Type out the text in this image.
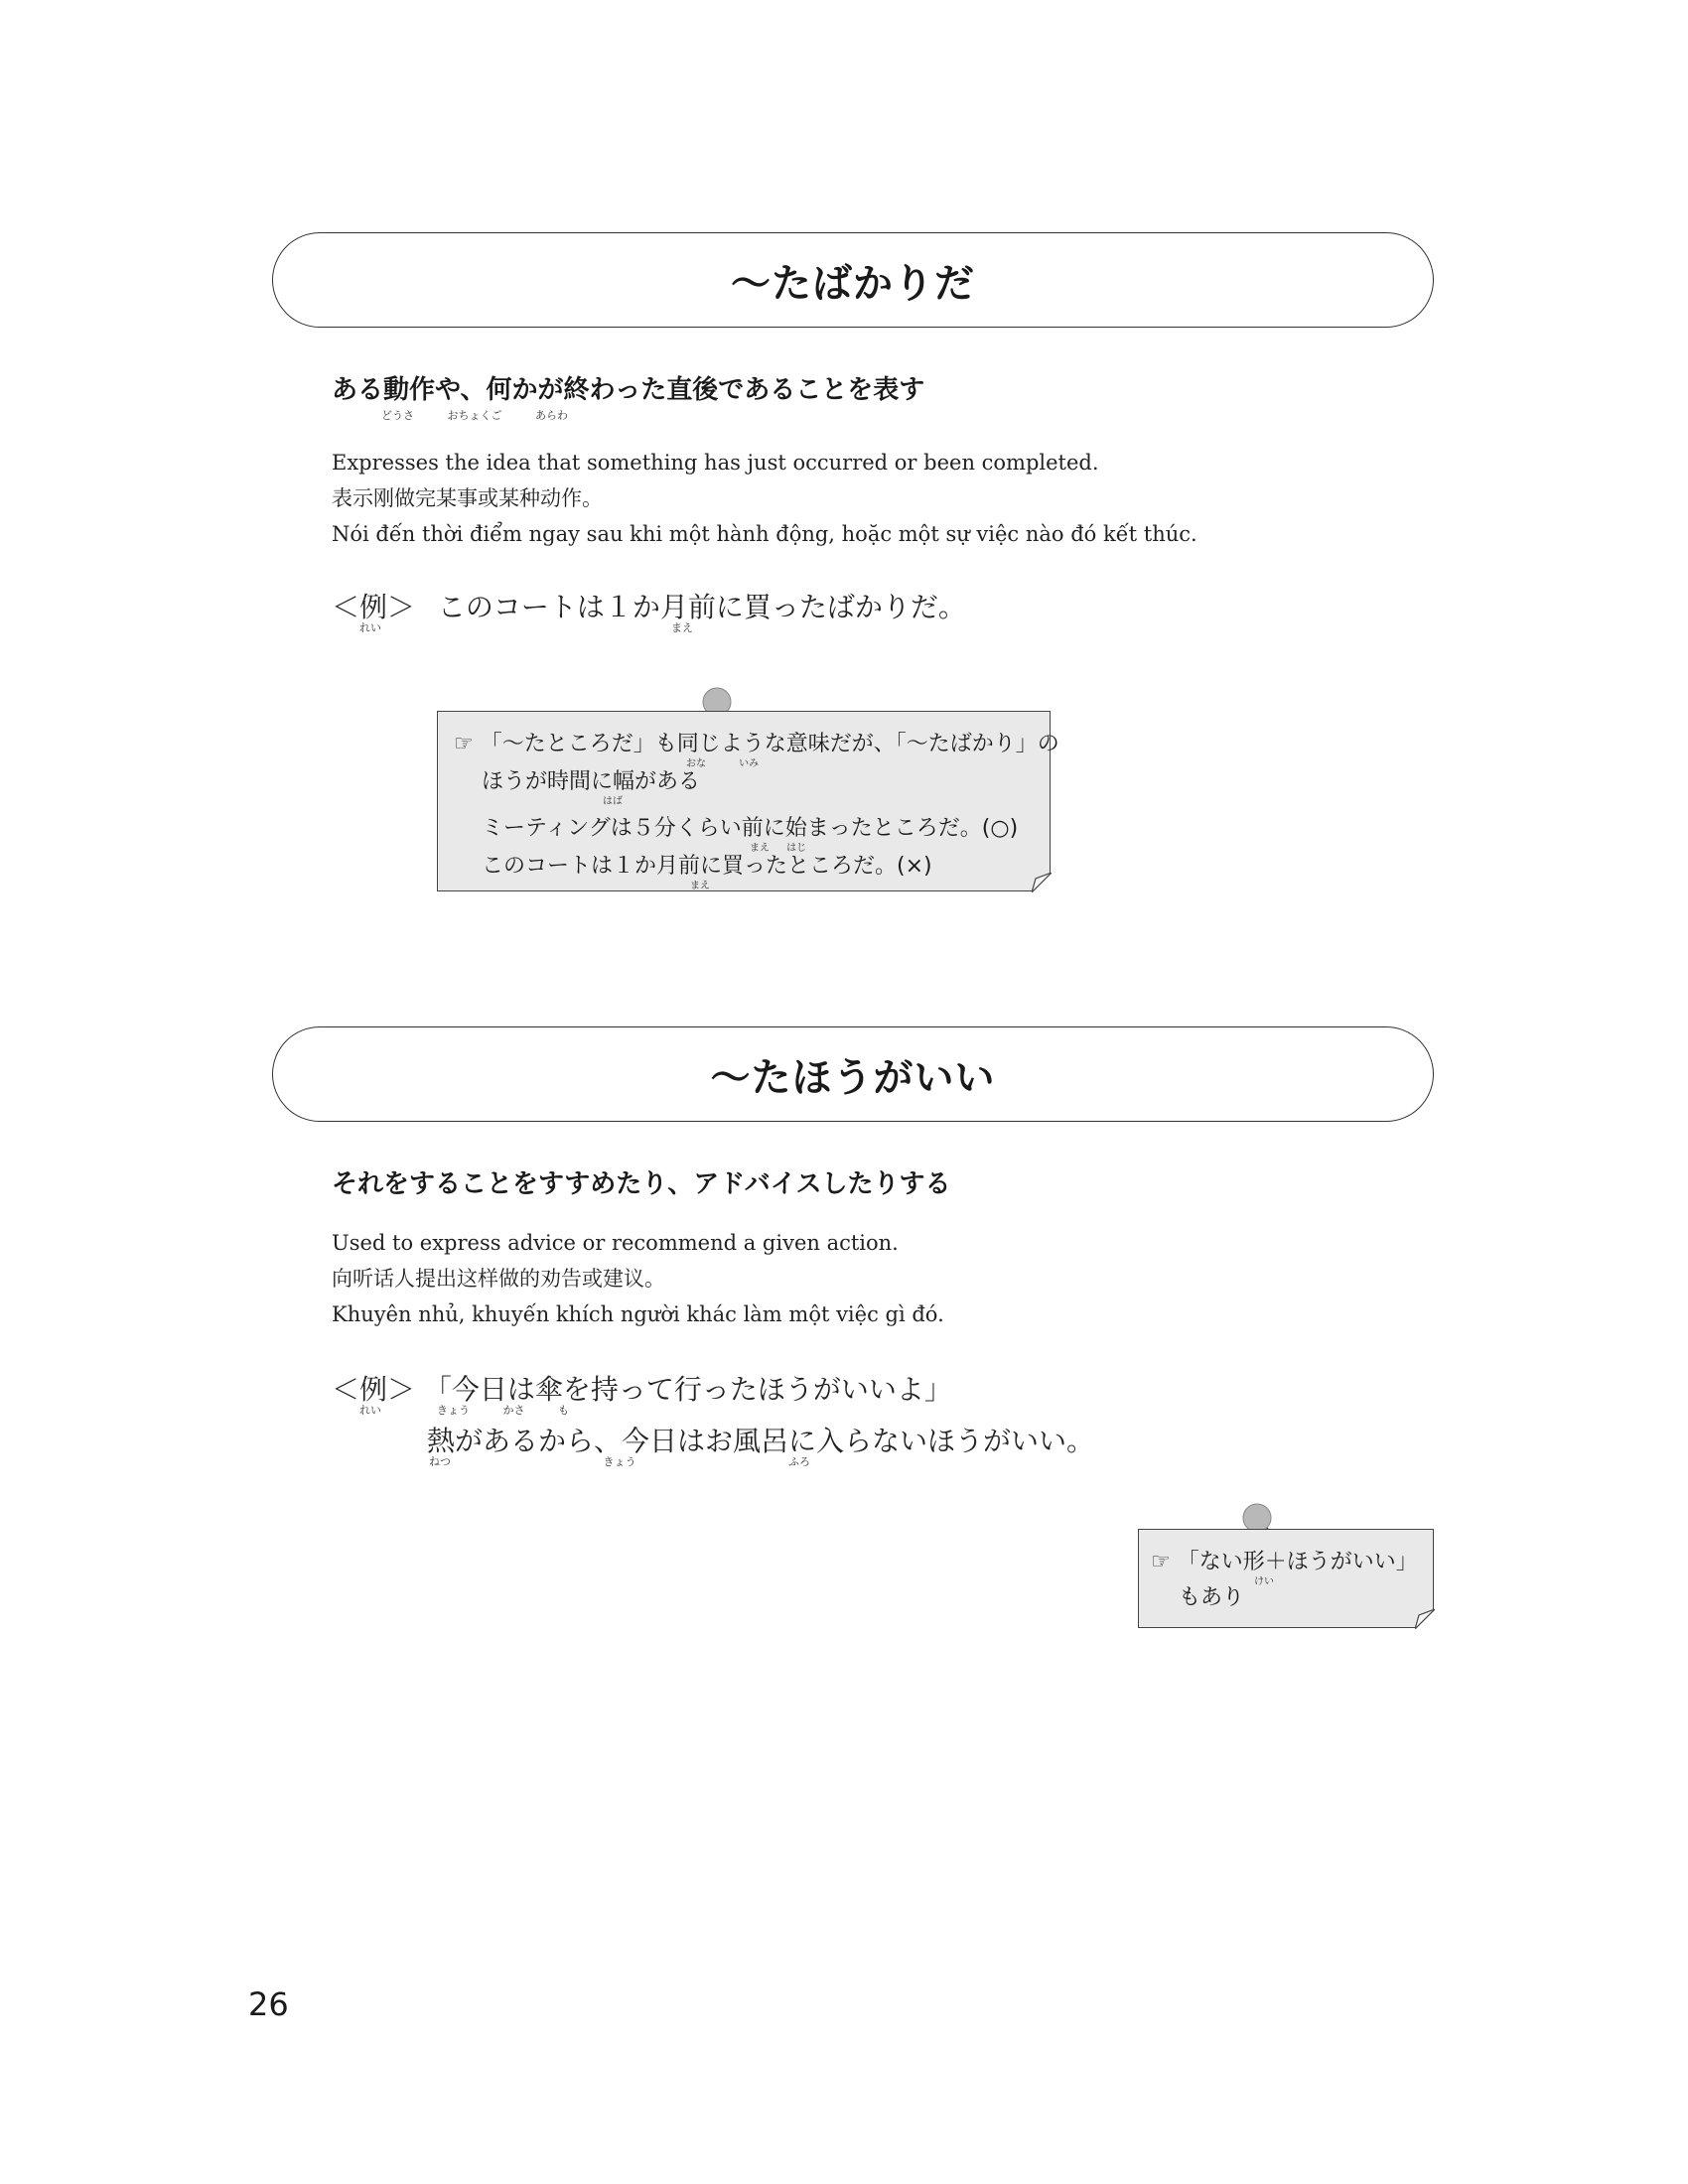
〜たばかりだ
ある動作や、何かが終わった直後であることを表す
どうさ おちょくご あらわ
Expresses the idea that something has just occurred or been completed.
表示刚做完某事或某种动作。
Nói đến thời điểm ngay sau khi một hành động, hoặc một sự việc nào đó kết thúc.
＜例＞
れい
このコートは１か月前に買ったばかりだ。
まえ
☞ 「〜たところだ」も同じような意味だが、「〜たばかり」の
おな いみ
ほうが時間に幅がある
はば
ミーティングは５分くらい前に始まったところだ。(○)
まえ はじ
このコートは１か月前に買ったところだ。(×)
まえ
〜たほうがいい
それをすることをすすめたり、アドバイスしたりする
Used to express advice or recommend a given action.
向听话人提出这样做的劝告或建议。
Khuyên nhủ, khuyến khích người khác làm một việc gì đó.
＜例＞
れい
「今日は傘を持って行ったほうがいいよ」
きょう かさ も
熱があるから、今日はお風呂に入らないほうがいい。
ねつ きょう ふろ
☞ 「ない形＋ほうがいい」
けい
もあり
26
